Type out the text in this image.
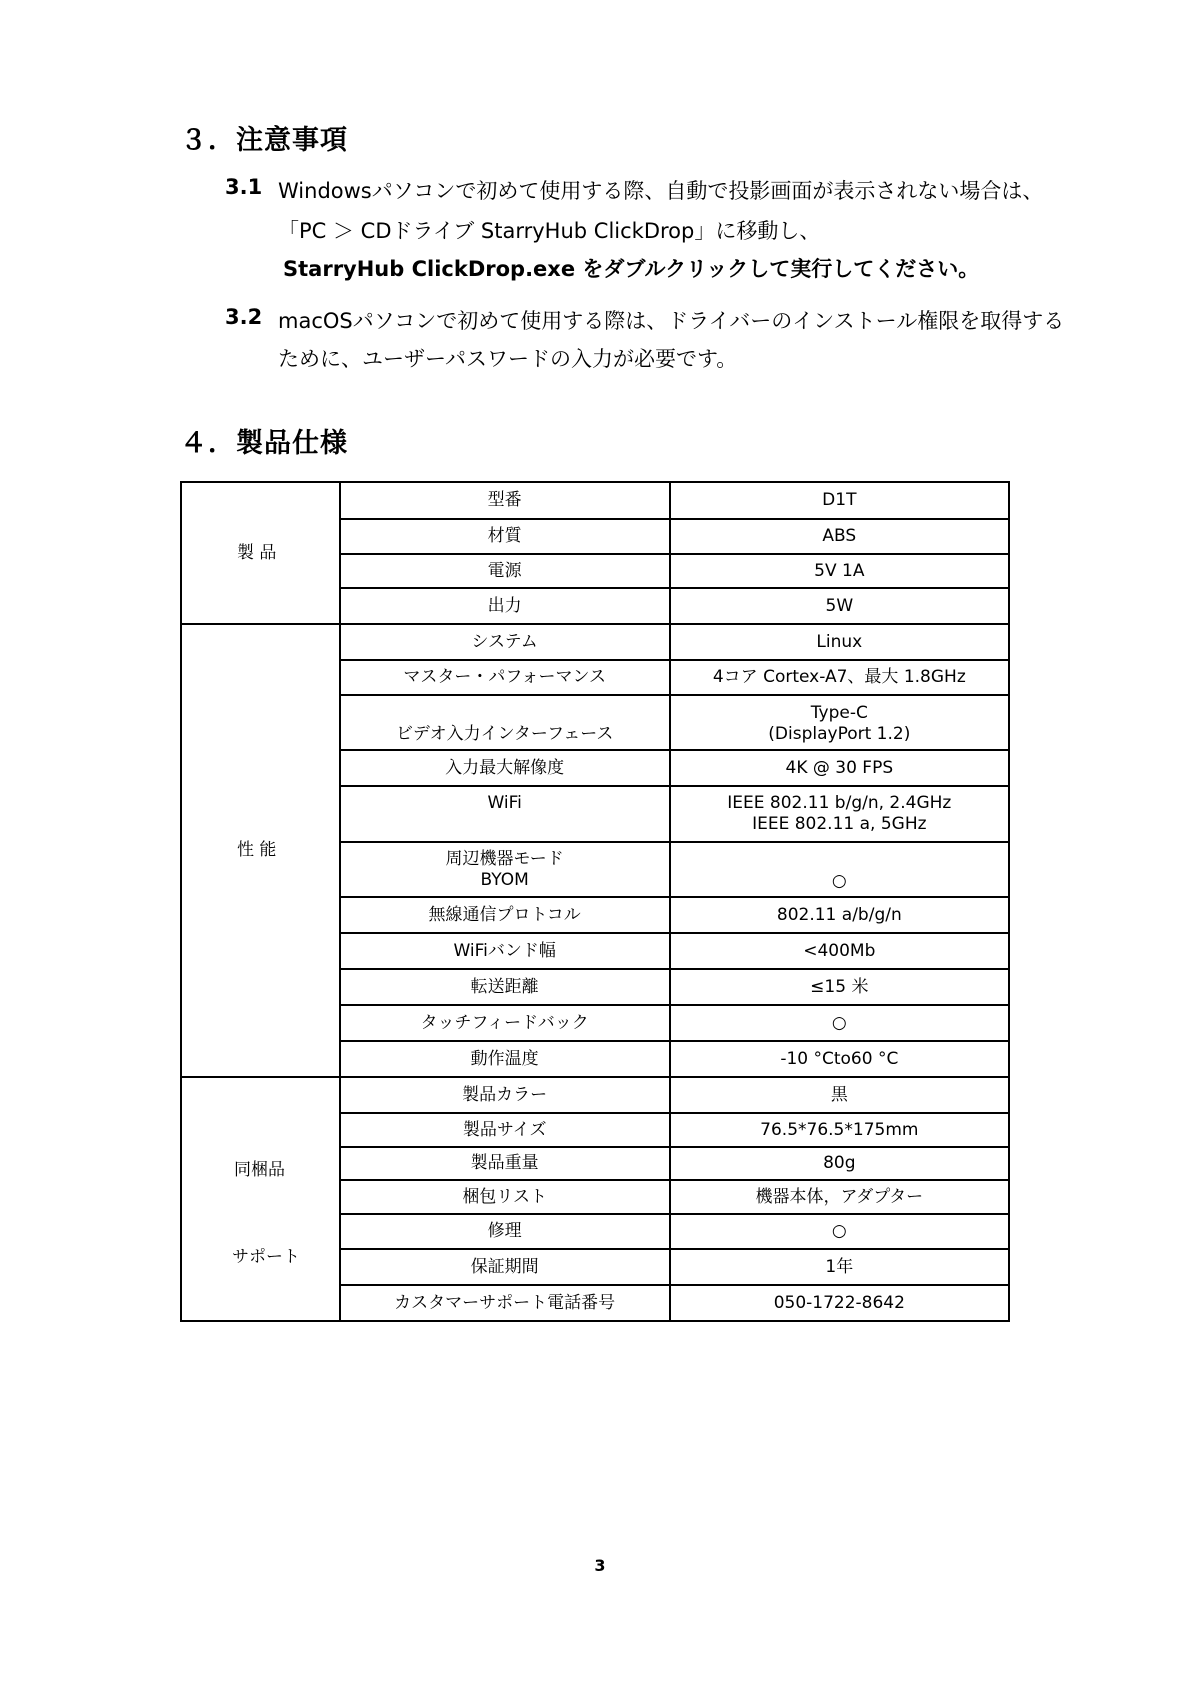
３．注意事項
3.1 Windowsパソコンで初めて使用する際、自動で投影画面が表示されない場合は、
「PC ＞ CDドライブ StarryHub ClickDrop」に移動し、
StarryHub ClickDrop.exe をダブルクリックして実行してください。
3.2 macOSパソコンで初めて使用する際は、ドライバーのインストール権限を取得する
ために、ユーザーパスワードの入力が必要です。
４．製品仕様
製 品	型番	D1T
	材質	ABS
	電源	5V 1A
	出力	5W

性 能	システム	Linux
	マスター・パフォーマンス	4コア Cortex-A7、最大 1.8GHz
	ビデオ入力インターフェース	Type-C
(DisplayPort 1.2)

	入力最大解像度	4K @ 30 FPS
	WiFi	IEEE 802.11 b/g/n, 2.4GHz
IEEE 802.11 a, 5GHz

	周辺機器モード
BYOM	○
	無線通信プロトコル	802.11 a/b/g/n
	WiFiバンド幅	<400Mb
	転送距離	≤15 米
	タッチフィードバック	○
	動作温度	-10 °Cto60 °C

同梱品
サポート	製品カラー	黒
	製品サイズ	76.5*76.5*175mm
	製品重量	80g
	梱包リスト	機器本体，アダプター
	修理	○
	保証期間	1年
	カスタマーサポート電話番号	050-1722-8642
3
